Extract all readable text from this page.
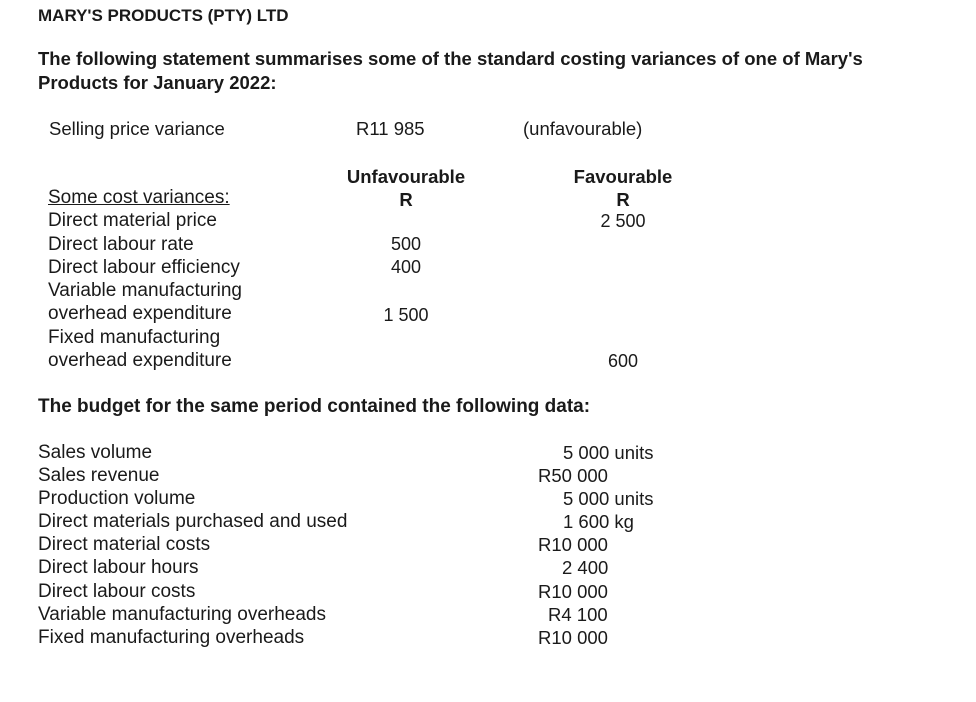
MARY'S PRODUCTS (PTY) LTD
The following statement summarises some of the standard costing variances of one of Mary's Products for January 2022:
Selling price variance	R11 985	(unfavourable)
Unfavourable
R
Favourable
R
Some cost variances:
Direct material price
Direct labour rate
Direct labour efficiency
Variable manufacturing
overhead expenditure
Fixed manufacturing
overhead expenditure
2 500
500
400
1 500
600
The budget for the same period contained the following data:
Sales volume
Sales revenue
Production volume
Direct materials purchased and used
Direct material costs
Direct labour hours
Direct labour costs
Variable manufacturing overheads
Fixed manufacturing overheads
5 000 units
R50 000
5 000 units
1 600 kg
R10 000
2 400
R10 000
R4 100
R10 000
